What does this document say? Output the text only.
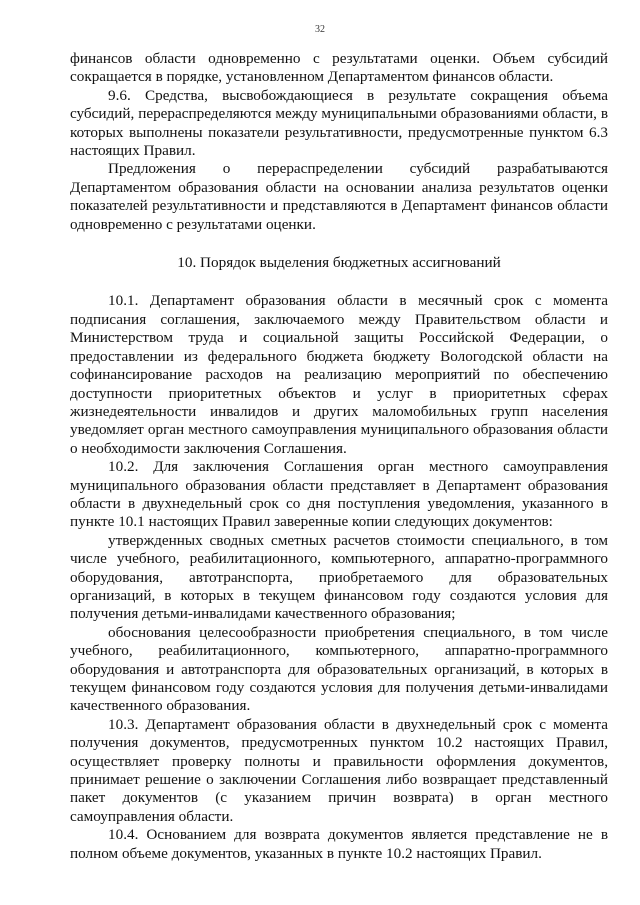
32

финансов области одновременно с результатами оценки. Объем субсидий сокращается в порядке, установленном Департаментом финансов области.

9.6. Средства, высвобождающиеся в результате сокращения объема субсидий, перераспределяются между муниципальными образованиями области, в которых выполнены показатели результативности, предусмотренные пунктом 6.3 настоящих Правил.

Предложения о перераспределении субсидий разрабатываются Департаментом образования области на основании анализа результатов оценки показателей результативности и представляются в Департамент финансов области одновременно с результатами оценки.

10. Порядок выделения бюджетных ассигнований

10.1. Департамент образования области в месячный срок с момента подписания соглашения, заключаемого между Правительством области и Министерством труда и социальной защиты Российской Федерации, о предоставлении из федерального бюджета бюджету Вологодской области на софинансирование расходов на реализацию мероприятий по обеспечению доступности приоритетных объектов и услуг в приоритетных сферах жизнедеятельности инвалидов и других маломобильных групп населения уведомляет орган местного самоуправления муниципального образования области о необходимости заключения Соглашения.

10.2. Для заключения Соглашения орган местного самоуправления муниципального образования области представляет в Департамент образования области в двухнедельный срок со дня поступления уведомления, указанного в пункте 10.1 настоящих Правил заверенные копии следующих документов:

утвержденных сводных сметных расчетов стоимости специального, в том числе учебного, реабилитационного, компьютерного, аппаратно-программного оборудования, автотранспорта, приобретаемого для образовательных организаций, в которых в текущем финансовом году создаются условия для получения детьми-инвалидами качественного образования;

обоснования целесообразности приобретения специального, в том числе учебного, реабилитационного, компьютерного, аппаратно-программного оборудования и автотранспорта для образовательных организаций, в которых в текущем финансовом году создаются условия для получения детьми-инвалидами качественного образования.

10.3. Департамент образования области в двухнедельный срок с момента получения документов, предусмотренных пунктом 10.2 настоящих Правил, осуществляет проверку полноты и правильности оформления документов, принимает решение о заключении Соглашения либо возвращает представленный пакет документов (с указанием причин возврата) в орган местного самоуправления области.

10.4. Основанием для возврата документов является представление не в полном объеме документов, указанных в пункте 10.2 настоящих Правил.
